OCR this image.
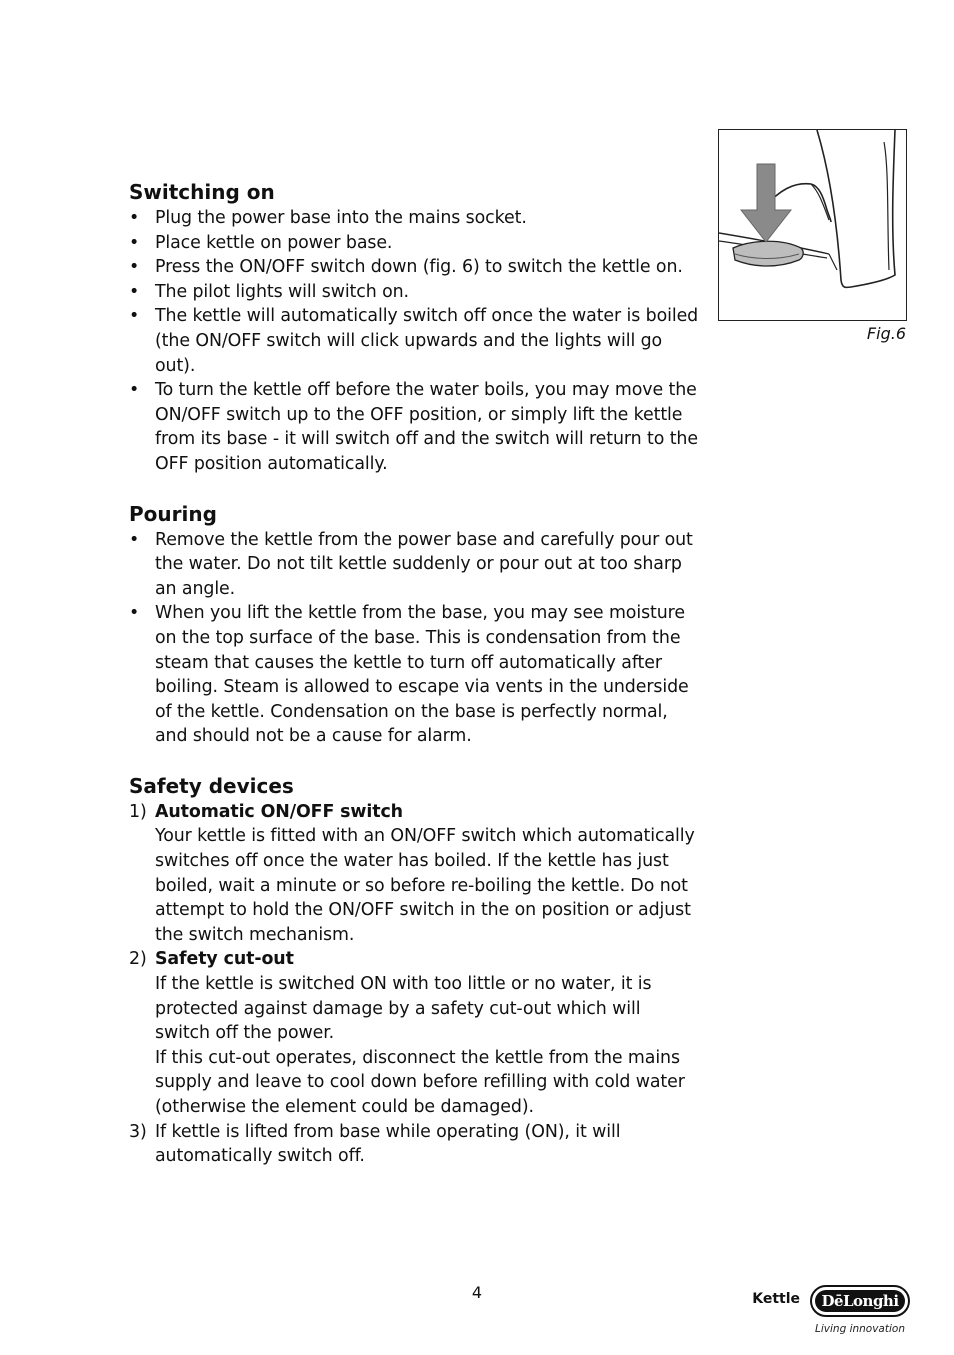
Switching on
• Plug the power base into the mains socket.
• Place kettle on power base.
• Press the ON/OFF switch down (fig. 6) to switch the kettle on.
• The pilot lights will switch on.
• The kettle will automatically switch off once the water is boiled (the ON/OFF switch will click upwards and the lights will go out).
• To turn the kettle off before the water boils, you may move the ON/OFF switch up to the OFF position, or simply lift the kettle from its base - it will switch off and the switch will return to the OFF position automatically.
Pouring
• Remove the kettle from the power base and carefully pour out the water. Do not tilt kettle suddenly or pour out at too sharp an angle.
• When you lift the kettle from the base, you may see moisture on the top surface of the base. This is condensation from the steam that causes the kettle to turn off automatically after boiling. Steam is allowed to escape via vents in the underside of the kettle. Condensation on the base is perfectly normal, and should not be a cause for alarm.
Safety devices
1) Automatic ON/OFF switch
Your kettle is fitted with an ON/OFF switch which automatically switches off once the water has boiled. If the kettle has just boiled, wait a minute or so before re-boiling the kettle. Do not attempt to hold the ON/OFF switch in the on position or adjust the switch mechanism.
2) Safety cut-out
If the kettle is switched ON with too little or no water, it is protected against damage by a safety cut-out which will switch off the power.
If this cut-out operates, disconnect the kettle from the mains supply and leave to cool down before refilling with cold water (otherwise the element could be damaged).
3) If kettle is lifted from base while operating (ON), it will automatically switch off.
Fig.6
4	Kettle	DēLonghi
Living innovation
